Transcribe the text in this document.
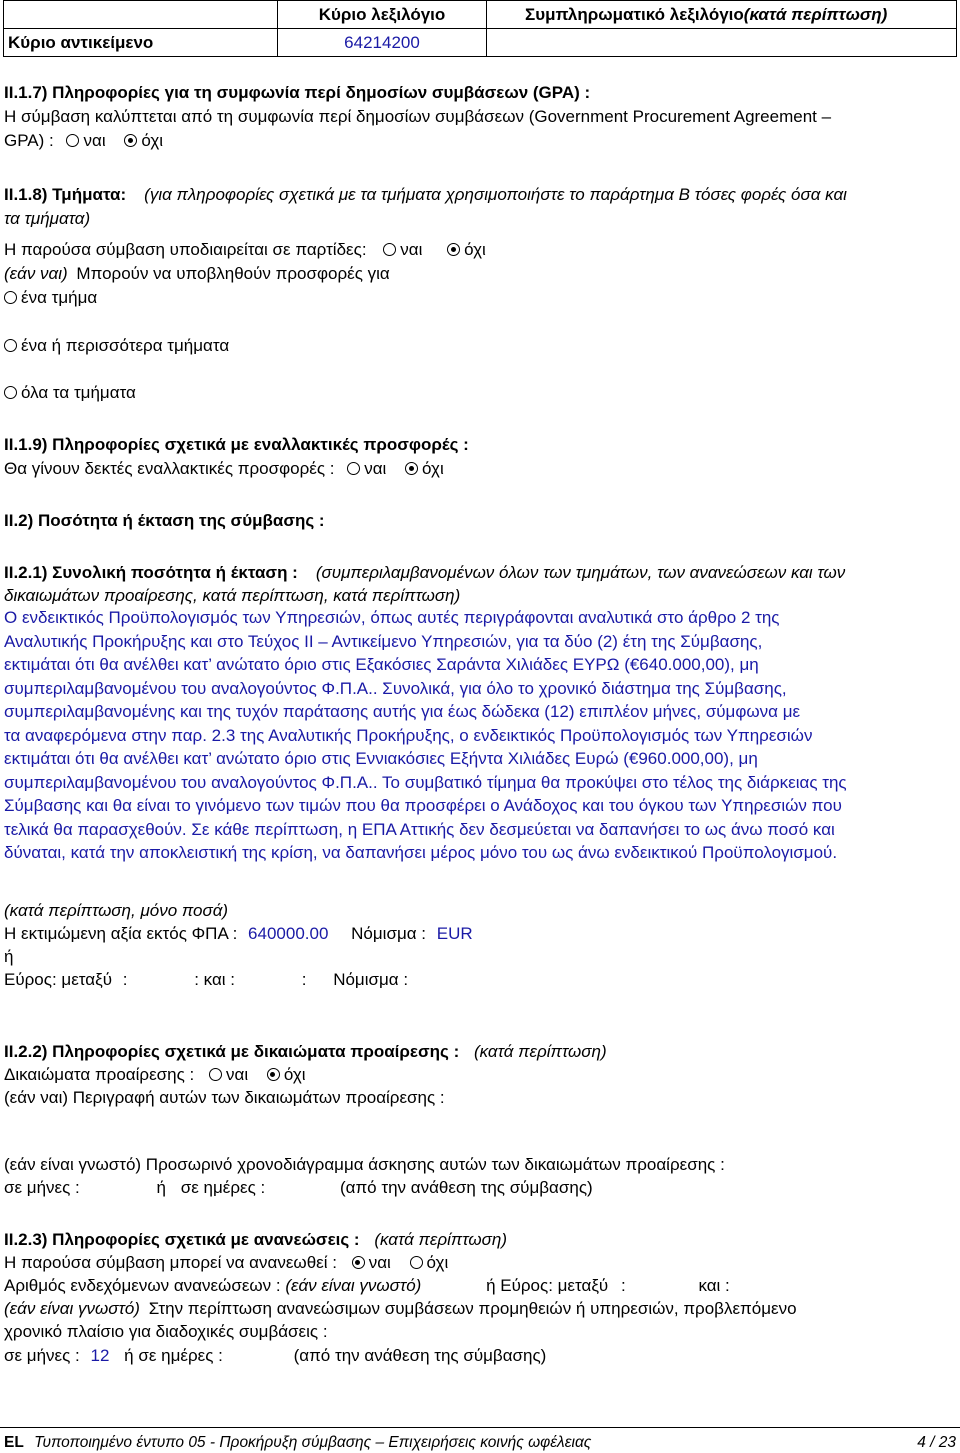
	Κύριο λεξιλόγιο	Συμπληρωματικό λεξιλόγιο(κατά περίπτωση)
Κύριο αντικείμενο	64214200	
II.1.7) Πληροφορίες για τη συμφωνία περί δημοσίων συμβάσεων (GPA) :
Η σύμβαση καλύπτεται από τη συμφωνία περί δημοσίων συμβάσεων (Government Procurement Agreement –
GPA) : ναι όχι
II.1.8) Τμήματα: (για πληροφορίες σχετικά με τα τμήματα χρησιμοποιήστε το παράρτημα Β τόσες φορές όσα και
τα τμήματα)
Η παρούσα σύμβαση υποδιαιρείται σε παρτίδες: ναι όχι
(εάν ναι) Μπορούν να υποβληθούν προσφορές για
ένα τμήμα
ένα ή περισσότερα τμήματα
όλα τα τμήματα
II.1.9) Πληροφορίες σχετικά με εναλλακτικές προσφορές :
Θα γίνουν δεκτές εναλλακτικές προσφορές : ναι όχι
II.2) Ποσότητα ή έκταση της σύμβασης :
II.2.1) Συνολική ποσότητα ή έκταση : (συμπεριλαμβανομένων όλων των τμημάτων, των ανανεώσεων και των
δικαιωμάτων προαίρεσης, κατά περίπτωση, κατά περίπτωση)
Ο ενδεικτικός Προϋπολογισμός των Υπηρεσιών, όπως αυτές περιγράφονται αναλυτικά στο άρθρο 2 της
Αναλυτικής Προκήρυξης και στο Τεύχος ΙΙ – Αντικείμενο Υπηρεσιών, για τα δύο (2) έτη της Σύμβασης,
εκτιμάται ότι θα ανέλθει κατ’ ανώτατο όριο στις Εξακόσιες Σαράντα Χιλιάδες ΕΥΡΩ (€640.000,00), μη
συμπεριλαμβανομένου του αναλογούντος Φ.Π.Α.. Συνολικά, για όλο το χρονικό διάστημα της Σύμβασης,
συμπεριλαμβανομένης και της τυχόν παράτασης αυτής για έως δώδεκα (12) επιπλέον μήνες, σύμφωνα με
τα αναφερόμενα στην παρ. 2.3 της Αναλυτικής Προκήρυξης, ο ενδεικτικός Προϋπολογισμός των Υπηρεσιών
εκτιμάται ότι θα ανέλθει κατ’ ανώτατο όριο στις Εννιακόσιες Εξήντα Χιλιάδες Ευρώ (€960.000,00), μη
συμπεριλαμβανομένου του αναλογούντος Φ.Π.Α.. Το συμβατικό τίμημα θα προκύψει στο τέλος της διάρκειας της
Σύμβασης και θα είναι το γινόμενο των τιμών που θα προσφέρει ο Ανάδοχος και του όγκου των Υπηρεσιών που
τελικά θα παρασχεθούν. Σε κάθε περίπτωση, η ΕΠΑ Αττικής δεν δεσμεύεται να δαπανήσει το ως άνω ποσό και
δύναται, κατά την αποκλειστική της κρίση, να δαπανήσει μέρος μόνο του ως άνω ενδεικτικού Προϋπολογισμού.
(κατά περίπτωση, μόνο ποσά)
Η εκτιμώμενη αξία εκτός ΦΠΑ : 640000.00 Νόμισμα : EUR
ή
Εύρος: μεταξύ :	: και :	: Νόμισμα :
II.2.2) Πληροφορίες σχετικά με δικαιώματα προαίρεσης : (κατά περίπτωση)
Δικαιώματα προαίρεσης : ναι όχι
(εάν ναι) Περιγραφή αυτών των δικαιωμάτων προαίρεσης :
(εάν είναι γνωστό) Προσωρινό χρονοδιάγραμμα άσκησης αυτών των δικαιωμάτων προαίρεσης :
σε μήνες :	ή σε ημέρες :	(από την ανάθεση της σύμβασης)
II.2.3) Πληροφορίες σχετικά με ανανεώσεις : (κατά περίπτωση)
Η παρούσα σύμβαση μπορεί να ανανεωθεί : ναι όχι
Αριθμός ενδεχόμενων ανανεώσεων : (εάν είναι γνωστό)	ή Εύρος: μεταξύ :	και :
(εάν είναι γνωστό) Στην περίπτωση ανανεώσιμων συμβάσεων προμηθειών ή υπηρεσιών, προβλεπόμενο
χρονικό πλαίσιο για διαδοχικές συμβάσεις :
σε μήνες : 12 ή σε ημέρες :	(από την ανάθεση της σύμβασης)
EL Τυποποιημένο έντυπο 05 - Προκήρυξη σύμβασης – Επιχειρήσεις κοινής ωφέλειας	4 / 23
